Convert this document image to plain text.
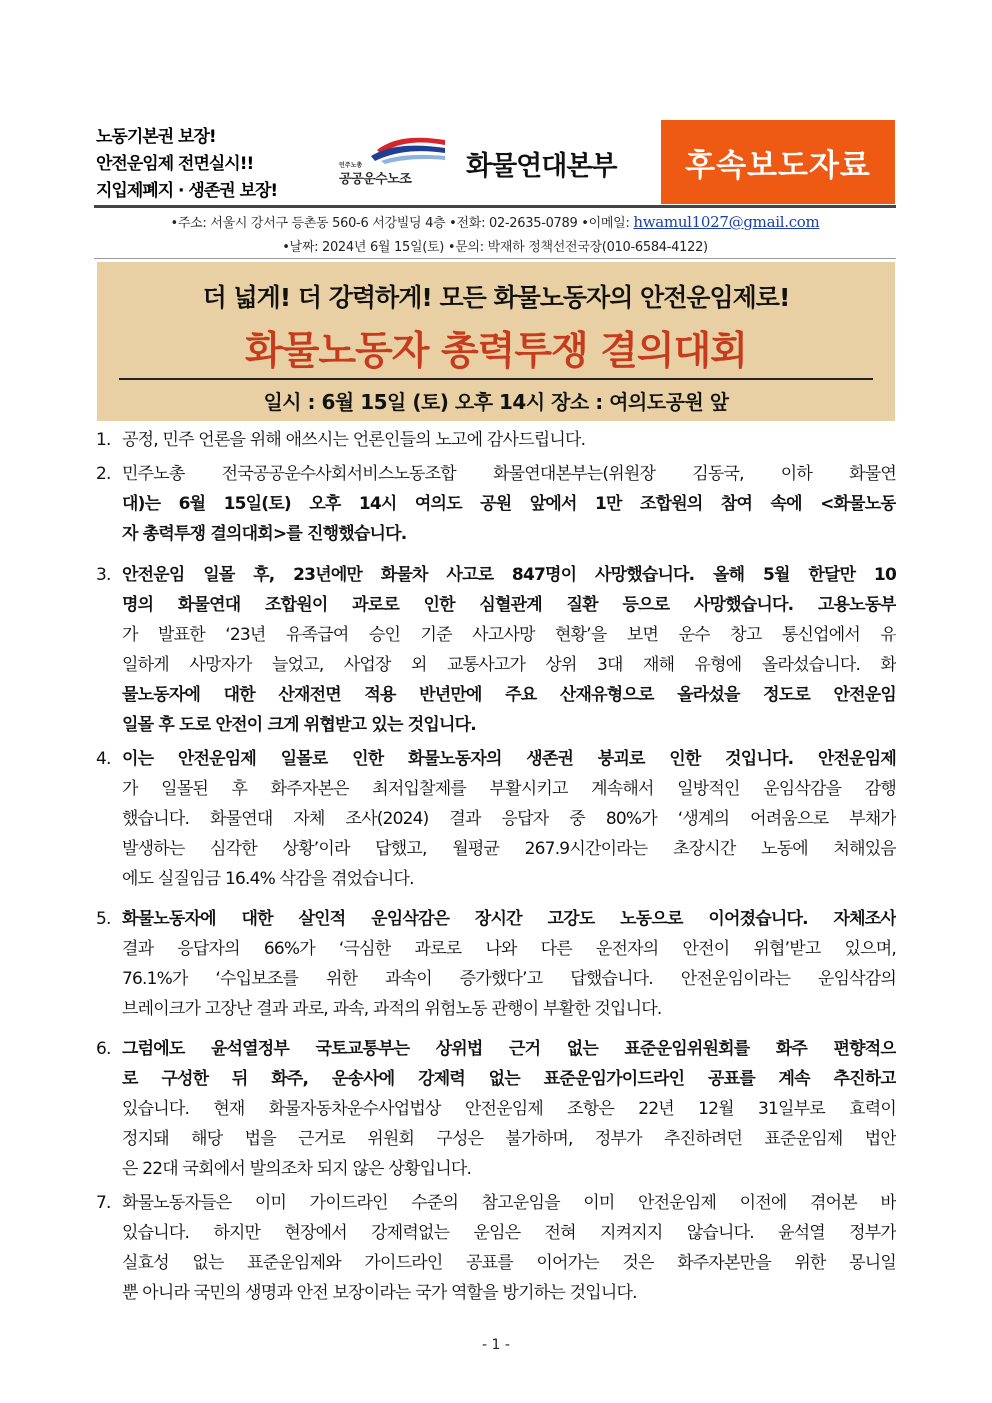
노동기본권 보장!
안전운임제 전면실시!!
지입제폐지 · 생존권 보장!
민주노총
공공운수노조 화물연대본부	후속보도자료
•주소: 서울시 강서구 등촌동 560-6 서강빌딩 4층 •전화: 02-2635-0789 •이메일: hwamul1027@gmail.com
•날짜: 2024년 6월 15일(토) •문의: 박재하 정책선전국장(010-6584-4122)
더 넓게! 더 강력하게! 모든 화물노동자의 안전운임제로!
화물노동자 총력투쟁 결의대회
일시 : 6월 15일 (토) 오후 14시 장소 : 여의도공원 앞
1. 공정, 민주 언론을 위해 애쓰시는 언론인들의 노고에 감사드립니다.
2. 민주노총 전국공공운수사회서비스노동조합 화물연대본부는(위원장 김동국, 이하 화물연
대)는 6월 15일(토) 오후 14시 여의도 공원 앞에서 1만 조합원의 참여 속에 <화물노동
자 총력투쟁 결의대회>를 진행했습니다.
3. 안전운임 일몰 후, 23년에만 화물차 사고로 847명이 사망했습니다. 올해 5월 한달만 10
명의 화물연대 조합원이 과로로 인한 심혈관계 질환 등으로 사망했습니다. 고용노동부
가 발표한 ‘23년 유족급여 승인 기준 사고사망 현황’을 보면 운수 창고 통신업에서 유
일하게 사망자가 늘었고, 사업장 외 교통사고가 상위 3대 재해 유형에 올라섰습니다. 화
물노동자에 대한 산재전면 적용 반년만에 주요 산재유형으로 올라섰을 정도로 안전운임
일몰 후 도로 안전이 크게 위협받고 있는 것입니다.
4. 이는 안전운임제 일몰로 인한 화물노동자의 생존권 붕괴로 인한 것입니다. 안전운임제
가 일몰된 후 화주자본은 최저입찰제를 부활시키고 계속해서 일방적인 운임삭감을 감행
했습니다. 화물연대 자체 조사(2024) 결과 응답자 중 80%가 ‘생계의 어려움으로 부채가
발생하는 심각한 상황’이라 답했고, 월평균 267.9시간이라는 초장시간 노동에 처해있음
에도 실질임금 16.4% 삭감을 겪었습니다.
5. 화물노동자에 대한 살인적 운임삭감은 장시간 고강도 노동으로 이어졌습니다. 자체조사
결과 응답자의 66%가 ‘극심한 과로로 나와 다른 운전자의 안전이 위협’받고 있으며,
76.1%가 ‘수입보조를 위한 과속이 증가했다’고 답했습니다. 안전운임이라는 운임삭감의
브레이크가 고장난 결과 과로, 과속, 과적의 위험노동 관행이 부활한 것입니다.
6. 그럼에도 윤석열정부 국토교통부는 상위법 근거 없는 표준운임위원회를 화주 편향적으
로 구성한 뒤 화주, 운송사에 강제력 없는 표준운임가이드라인 공표를 계속 추진하고
있습니다. 현재 화물자동차운수사업법상 안전운임제 조항은 22년 12월 31일부로 효력이
정지돼 해당 법을 근거로 위원회 구성은 불가하며, 정부가 추진하려던 표준운임제 법안
은 22대 국회에서 발의조차 되지 않은 상황입니다.
7. 화물노동자들은 이미 가이드라인 수준의 참고운임을 이미 안전운임제 이전에 겪어본 바
있습니다. 하지만 현장에서 강제력없는 운임은 전혀 지켜지지 않습니다. 윤석열 정부가
실효성 없는 표준운임제와 가이드라인 공표를 이어가는 것은 화주자본만을 위한 몽니일
뿐 아니라 국민의 생명과 안전 보장이라는 국가 역할을 방기하는 것입니다.
- 1 -
